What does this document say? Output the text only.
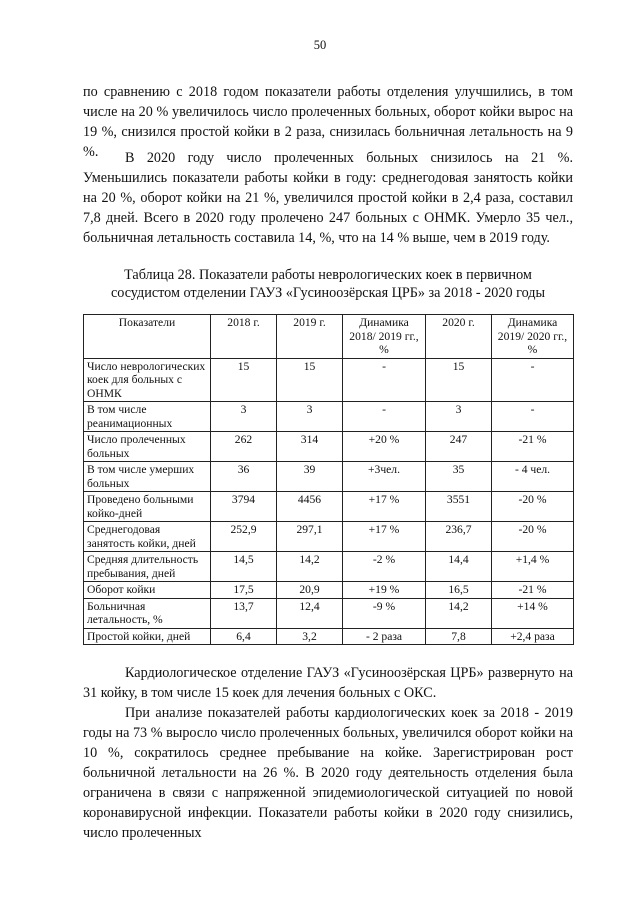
50

по сравнению с 2018 годом показатели работы отделения улучшились, в том числе на 20 % увеличилось число пролеченных больных, оборот койки вырос на 19 %, снизился простой койки в 2 раза, снизилась больничная летальность на 9 %.	В 2020 году число пролеченных больных снизилось на 21 %. Уменьшились показатели работы койки в году: среднегодовая занятость койки на 20 %, оборот койки на 21 %, увеличился простой койки в 2,4 раза, составил 7,8 дней. Всего в 2020 году пролечено 247 больных с ОНМК. Умерло 35 чел., больничная летальность составила 14, %, что на 14 % выше, чем в 2019 году.

Таблица 28. Показатели работы неврологических коек в первичном
сосудистом отделении ГАУЗ «Гусиноозёрская ЦРБ» за 2018 - 2020 годы
Показатели	2018 г.	2019 г.	Динамика 2018/ 2019 гг., %	2020 г.	Динамика 2019/ 2020 гг., %
Число неврологических коек для больных с ОНМК	15	15	-	15	-
В том числе реанимационных	3	3	-	3	-
Число пролеченных больных	262	314	+20 %	247	-21 %
В том числе умерших больных	36	39	+3чел.	35	- 4 чел.
Проведено больными койко-дней	3794	4456	+17 %	3551	-20 %
Среднегодовая занятость койки, дней	252,9	297,1	+17 %	236,7	-20 %
Средняя длительность пребывания, дней	14,5	14,2	-2 %	14,4	+1,4 %
Оборот койки	17,5	20,9	+19 %	16,5	-21 %
Больничная летальность, %	13,7	12,4	-9 %	14,2	+14 %
Простой койки, дней	6,4	3,2	- 2 раза	7,8	+2,4 раза

Кардиологическое отделение ГАУЗ «Гусиноозёрская ЦРБ» развернуто на 31 койку, в том числе 15 коек для лечения больных с ОКС.

При анализе показателей работы кардиологических коек за 2018 - 2019 годы на 73 % выросло число пролеченных больных, увеличился оборот койки на 10 %, сократилось среднее пребывание на койке. Зарегистрирован рост больничной летальности на 26 %. В 2020 году деятельность отделения была ограничена в связи с напряженной эпидемиологической ситуацией по новой коронавирусной инфекции. Показатели работы койки в 2020 году снизились, число пролеченных
